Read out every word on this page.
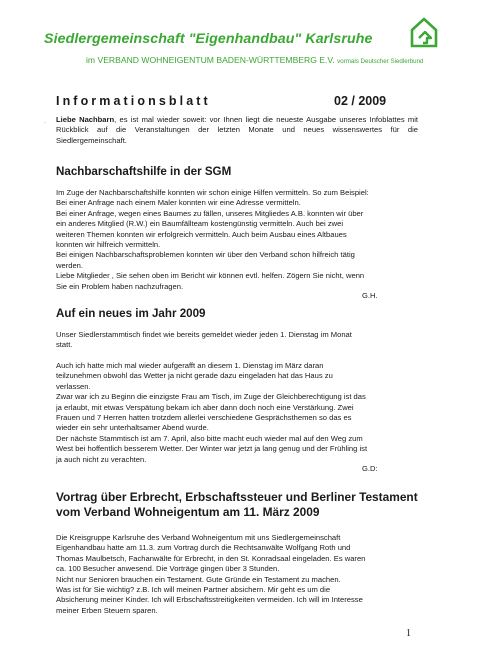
Siedlergemeinschaft "Eigenhandbau" Karlsruhe
im VERBAND WOHNEIGENTUM BADEN-WÜRTTEMBERG E.V. vormals Deutscher Siedlerbund
Informationsblatt	02 / 2009
Liebe Nachbarn, es ist mal wieder soweit: vor Ihnen liegt die neueste Ausgabe unseres Infoblattes mit Rückblick auf die Veranstaltungen der letzten Monate und neues wissenswertes für die Siedlergemeinschaft.
·
Nachbarschaftshilfe in der SGM
Im Zuge der Nachbarschaftshilfe konnten wir schon einige Hilfen vermitteln. So zum Beispiel:
Bei einer Anfrage nach einem Maler konnten wir eine Adresse vermitteln.
Bei einer Anfrage, wegen eines Baumes zu fällen, unseres Mitgliedes A.B. konnten wir über
ein anderes Mitglied (R.W.) ein Baumfällteam kostengünstig vermitteln. Auch bei zwei
weiteren Themen konnten wir erfolgreich vermitteln. Auch beim Ausbau eines Altbaues
konnten wir hilfreich vermitteln.
Bei einigen Nachbarschaftsproblemen konnten wir über den Verband schon hilfreich tätig
werden.
Liebe Mitglieder , Sie sehen oben im Bericht wir können evtl. helfen. Zögern Sie nicht, wenn
Sie ein Problem haben nachzufragen.
G.H.
Auf ein neues im Jahr 2009
Unser Siedlerstammtisch findet wie bereits gemeldet wieder jeden 1. Dienstag im Monat
statt.
Auch ich hatte mich mal wieder aufgerafft an diesem 1. Dienstag im März daran
teilzunehmen obwohl das Wetter ja nicht gerade dazu eingeladen hat das Haus zu
verlassen.
Zwar war ich zu Beginn die einzigste Frau am Tisch, im Zuge der Gleichberechtigung ist das
ja erlaubt, mit etwas Verspätung bekam ich aber dann doch noch eine Verstärkung. Zwei
Frauen und 7 Herren hatten trotzdem allerlei verschiedene Gesprächsthemen so das es
wieder ein sehr unterhaltsamer Abend wurde.
Der nächste Stammtisch ist am 7. April, also bitte macht euch wieder mal auf den Weg zum
West bei hoffentlich besserem Wetter. Der Winter war jetzt ja lang genug und der Frühling ist
ja auch nicht zu verachten.
G.D:
Vortrag über Erbrecht, Erbschaftssteuer und Berliner Testament
vom Verband Wohneigentum am 11. März 2009
Die Kreisgruppe Karlsruhe des Verband Wohneigentum mit uns Siedlergemeinschaft
Eigenhandbau hatte am 11.3. zum Vortrag durch die Rechtsanwälte Wolfgang Roth und
Thomas Maulbetsch, Fachanwälte für Erbrecht, in den St. Konradsaal eingeladen. Es waren
ca. 100 Besucher anwesend. Die Vorträge gingen über 3 Stunden.
Nicht nur Senioren brauchen ein Testament. Gute Gründe ein Testament zu machen.
Was ist für Sie wichtig? z.B. Ich will meinen Partner absichern. Mir geht es um die
Absicherung meiner Kinder. Ich will Erbschaftsstreitigkeiten vermeiden. Ich will im Interesse
meiner Erben Steuern sparen.
1
